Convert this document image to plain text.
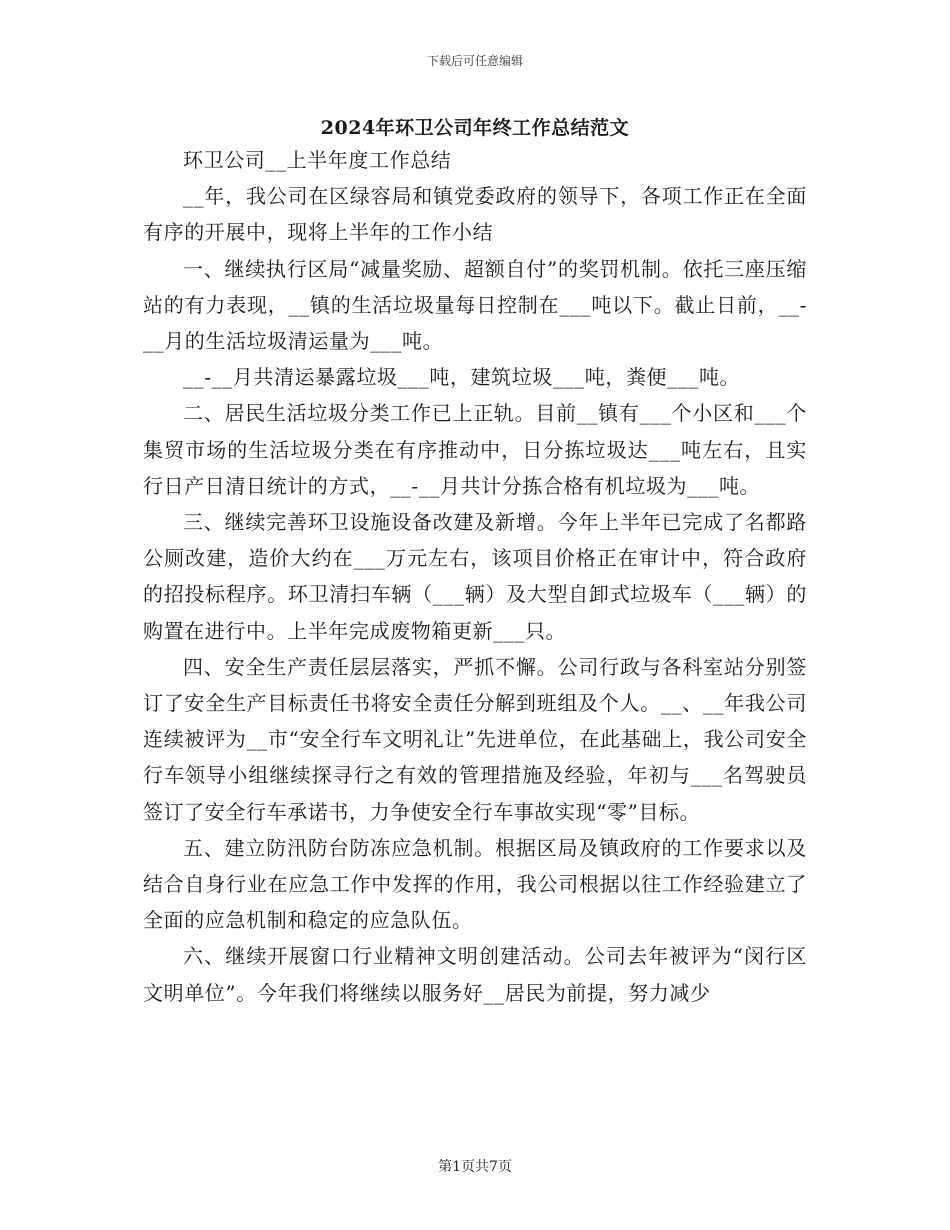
下载后可任意编辑
2024年环卫公司年终工作总结范文

环卫公司__上半年度工作总结

__年，我公司在区绿容局和镇党委政府的领导下，各项工作正在全面有序的开展中，现将上半年的工作小结

一、继续执行区局“减量奖励、超额自付”的奖罚机制。依托三座压缩站的有力表现，__镇的生活垃圾量每日控制在___吨以下。截止日前，__-__月的生活垃圾清运量为___吨。

__-__月共清运暴露垃圾___吨，建筑垃圾___吨，粪便___吨。

二、居民生活垃圾分类工作已上正轨。目前__镇有___个小区和___个集贸市场的生活垃圾分类在有序推动中，日分拣垃圾达___吨左右，且实行日产日清日统计的方式，__-__月共计分拣合格有机垃圾为___吨。

三、继续完善环卫设施设备改建及新增。今年上半年已完成了名都路公厕改建，造价大约在___万元左右，该项目价格正在审计中，符合政府的招投标程序。环卫清扫车辆（___辆）及大型自卸式垃圾车（___辆）的购置在进行中。上半年完成废物箱更新___只。

四、安全生产责任层层落实，严抓不懈。公司行政与各科室站分别签订了安全生产目标责任书将安全责任分解到班组及个人。__、__年我公司连续被评为__市“安全行车文明礼让”先进单位，在此基础上，我公司安全行车领导小组继续探寻行之有效的管理措施及经验，年初与___名驾驶员签订了安全行车承诺书，力争使安全行车事故实现“零”目标。

五、建立防汛防台防冻应急机制。根据区局及镇政府的工作要求以及结合自身行业在应急工作中发挥的作用，我公司根据以往工作经验建立了全面的应急机制和稳定的应急队伍。

六、继续开展窗口行业精神文明创建活动。公司去年被评为“闵行区文明单位”。今年我们将继续以服务好__居民为前提，努力减少

第1页共7页
